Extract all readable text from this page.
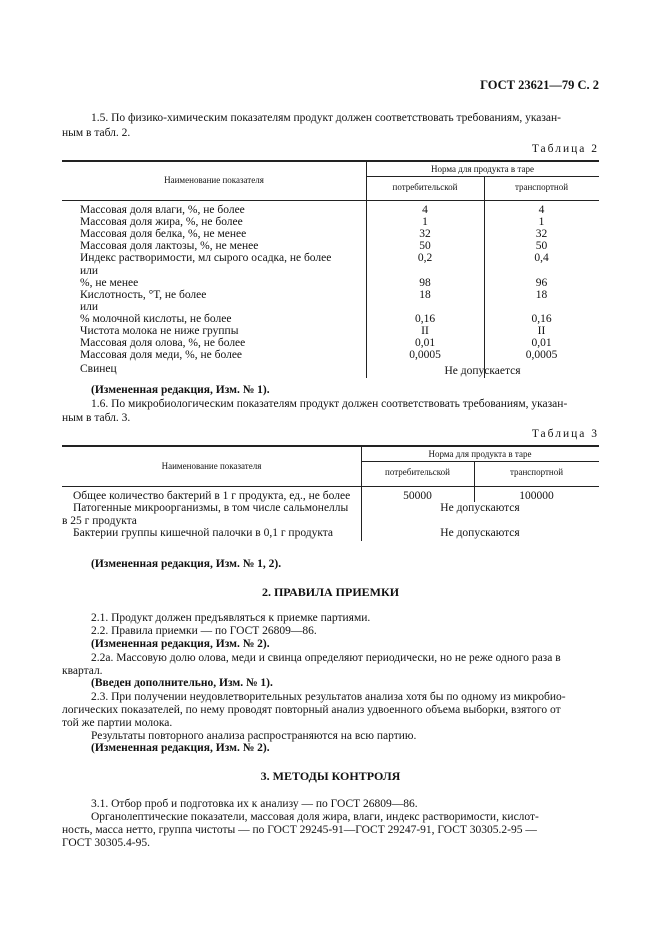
ГОСТ 23621—79 С. 2
1.5. По физико-химическим показателям продукт должен соответствовать требованиям, указан-
ным в табл. 2.
Таблица 2
Наименование показателя
Норма для продукта в таре
потребительской	транспортной
Массовая доля влаги, %, не более	4	4
Массовая доля жира, %, не более	1	1
Массовая доля белка, %, не менее	32	32
Массовая доля лактозы, %, не менее	50	50
Индекс растворимости, мл сырого осадка, не более	0,2	0,4
или
%, не менее	98	96
Кислотность, °Т, не более	18	18
или
% молочной кислоты, не более	0,16	0,16
Чистота молока не ниже группы	II	II
Массовая доля олова, %, не более	0,01	0,01
Массовая доля меди, %, не более	0,0005	0,0005
Свинец	Не допускается
(Измененная редакция, Изм. № 1).
1.6. По микробиологическим показателям продукт должен соответствовать требованиям, указан-
ным в табл. 3.
Таблица 3
Наименование показателя
Норма для продукта в таре
потребительской	транспортной
Общее количество бактерий в 1 г продукта, ед., не более	50000	100000
Патогенные микроорганизмы, в том числе сальмонеллы
в 25 г продукта
Не допускаются
Бактерии группы кишечной палочки в 0,1 г продукта	Не допускаются
(Измененная редакция, Изм. № 1, 2).
2. ПРАВИЛА ПРИЕМКИ
2.1. Продукт должен предъявляться к приемке партиями.
2.2. Правила приемки — по ГОСТ 26809—86.
(Измененная редакция, Изм. № 2).
2.2а. Массовую долю олова, меди и свинца определяют периодически, но не реже одного раза в
квартал.
(Введен дополнительно, Изм. № 1).
2.3. При получении неудовлетворительных результатов анализа хотя бы по одному из микробио-
логических показателей, по нему проводят повторный анализ удвоенного объема выборки, взятого от
той же партии молока.
Результаты повторного анализа распространяются на всю партию.
(Измененная редакция, Изм. № 2).
3. МЕТОДЫ КОНТРОЛЯ
3.1. Отбор проб и подготовка их к анализу — по ГОСТ 26809—86.
Органолептические показатели, массовая доля жира, влаги, индекс растворимости, кислот-
ность, масса нетто, группа чистоты — по ГОСТ 29245-91—ГОСТ 29247-91, ГОСТ 30305.2-95 —
ГОСТ 30305.4-95.
